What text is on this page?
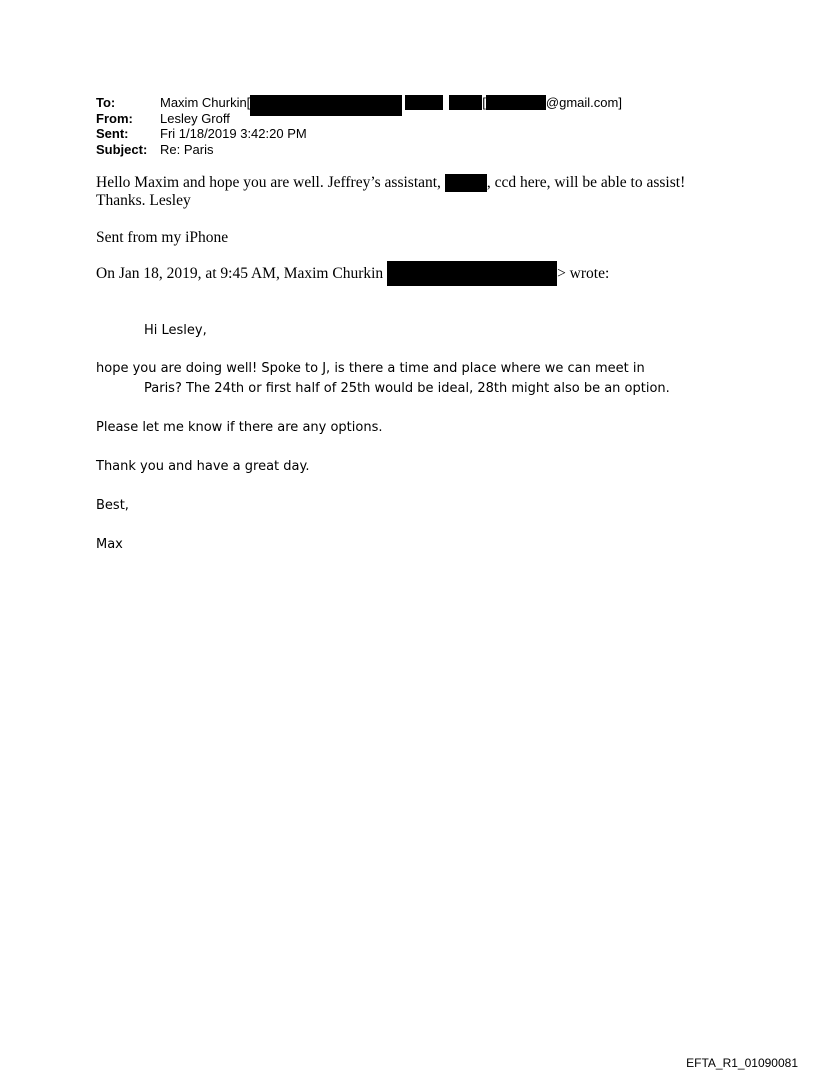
To:	Maxim Churkin[	[	@gmail.com]
From: Lesley Groff
Sent: Fri 1/18/2019 3:42:20 PM
Subject: Re: Paris
Hello Maxim and hope you are well. Jeffrey’s assistant,	, ccd here, will be able to assist!
Thanks. Lesley
Sent from my iPhone
On Jan 18, 2019, at 9:45 AM, Maxim Churkin	> wrote:
Hi Lesley,
hope you are doing well! Spoke to J, is there a time and place where we can meet in
Paris? The 24th or first half of 25th would be ideal, 28th might also be an option.
Please let me know if there are any options.
Thank you and have a great day.
Best,
Max
EFTA_R1_01090081
